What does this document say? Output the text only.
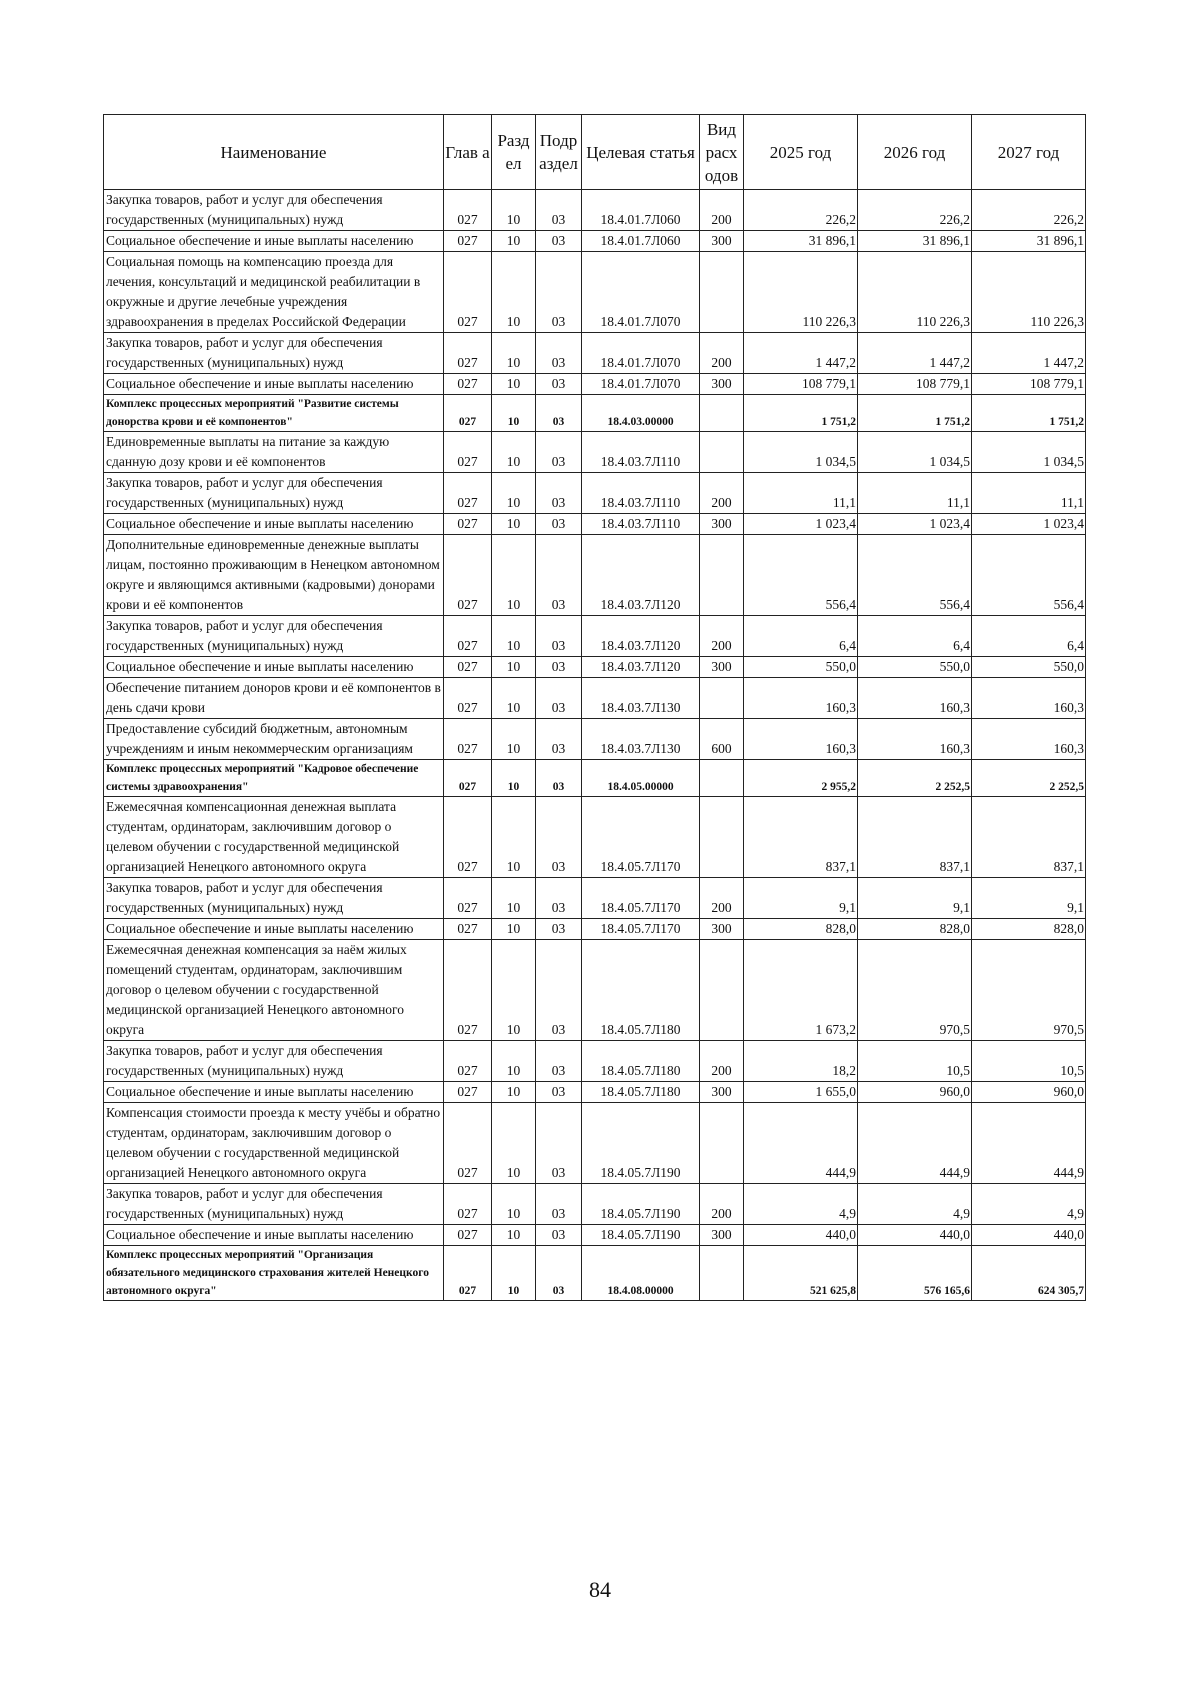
Наименование	Глав а	Разд ел	Подр аздел	Целевая статья	Вид расх одов	2025 год	2026 год	2027 год
Закупка товаров, работ и услуг для обеспечения государственных (муниципальных) нужд	027	10	03	18.4.01.7Л060	200	226,2	226,2	226,2
Социальное обеспечение и иные выплаты населению	027	10	03	18.4.01.7Л060	300	31 896,1	31 896,1	31 896,1
Социальная помощь на компенсацию проезда для лечения, консультаций и медицинской реабилитации в окружные и другие лечебные учреждения здравоохранения в пределах Российской Федерации	027	10	03	18.4.01.7Л070		110 226,3	110 226,3	110 226,3
Закупка товаров, работ и услуг для обеспечения государственных (муниципальных) нужд	027	10	03	18.4.01.7Л070	200	1 447,2	1 447,2	1 447,2
Социальное обеспечение и иные выплаты населению	027	10	03	18.4.01.7Л070	300	108 779,1	108 779,1	108 779,1
Комплекс процессных мероприятий "Развитие системы донорства крови и её компонентов"	027	10	03	18.4.03.00000		1 751,2	1 751,2	1 751,2
Единовременные выплаты на питание за каждую сданную дозу крови и её компонентов	027	10	03	18.4.03.7Л110		1 034,5	1 034,5	1 034,5
Закупка товаров, работ и услуг для обеспечения государственных (муниципальных) нужд	027	10	03	18.4.03.7Л110	200	11,1	11,1	11,1
Социальное обеспечение и иные выплаты населению	027	10	03	18.4.03.7Л110	300	1 023,4	1 023,4	1 023,4
Дополнительные единовременные денежные выплаты лицам, постоянно проживающим в Ненецком автономном округе и являющимся активными (кадровыми) донорами крови и её компонентов	027	10	03	18.4.03.7Л120		556,4	556,4	556,4
Закупка товаров, работ и услуг для обеспечения государственных (муниципальных) нужд	027	10	03	18.4.03.7Л120	200	6,4	6,4	6,4
Социальное обеспечение и иные выплаты населению	027	10	03	18.4.03.7Л120	300	550,0	550,0	550,0
Обеспечение питанием доноров крови и её компонентов в день сдачи крови	027	10	03	18.4.03.7Л130		160,3	160,3	160,3
Предоставление субсидий бюджетным, автономным учреждениям и иным некоммерческим организациям	027	10	03	18.4.03.7Л130	600	160,3	160,3	160,3
Комплекс процессных мероприятий "Кадровое обеспечение системы здравоохранения"	027	10	03	18.4.05.00000		2 955,2	2 252,5	2 252,5
Ежемесячная компенсационная денежная выплата студентам, ординаторам, заключившим договор о целевом обучении с государственной медицинской организацией Ненецкого автономного округа	027	10	03	18.4.05.7Л170		837,1	837,1	837,1
Закупка товаров, работ и услуг для обеспечения государственных (муниципальных) нужд	027	10	03	18.4.05.7Л170	200	9,1	9,1	9,1
Социальное обеспечение и иные выплаты населению	027	10	03	18.4.05.7Л170	300	828,0	828,0	828,0
Ежемесячная денежная компенсация за наём жилых помещений студентам, ординаторам, заключившим договор о целевом обучении с государственной медицинской организацией Ненецкого автономного округа	027	10	03	18.4.05.7Л180		1 673,2	970,5	970,5
Закупка товаров, работ и услуг для обеспечения государственных (муниципальных) нужд	027	10	03	18.4.05.7Л180	200	18,2	10,5	10,5
Социальное обеспечение и иные выплаты населению	027	10	03	18.4.05.7Л180	300	1 655,0	960,0	960,0
Компенсация стоимости проезда к месту учёбы и обратно студентам, ординаторам, заключившим договор о целевом обучении с государственной медицинской организацией Ненецкого автономного округа	027	10	03	18.4.05.7Л190		444,9	444,9	444,9
Закупка товаров, работ и услуг для обеспечения государственных (муниципальных) нужд	027	10	03	18.4.05.7Л190	200	4,9	4,9	4,9
Социальное обеспечение и иные выплаты населению	027	10	03	18.4.05.7Л190	300	440,0	440,0	440,0
Комплекс процессных мероприятий "Организация обязательного медицинского страхования жителей Ненецкого автономного округа"	027	10	03	18.4.08.00000		521 625,8	576 165,6	624 305,7
84
